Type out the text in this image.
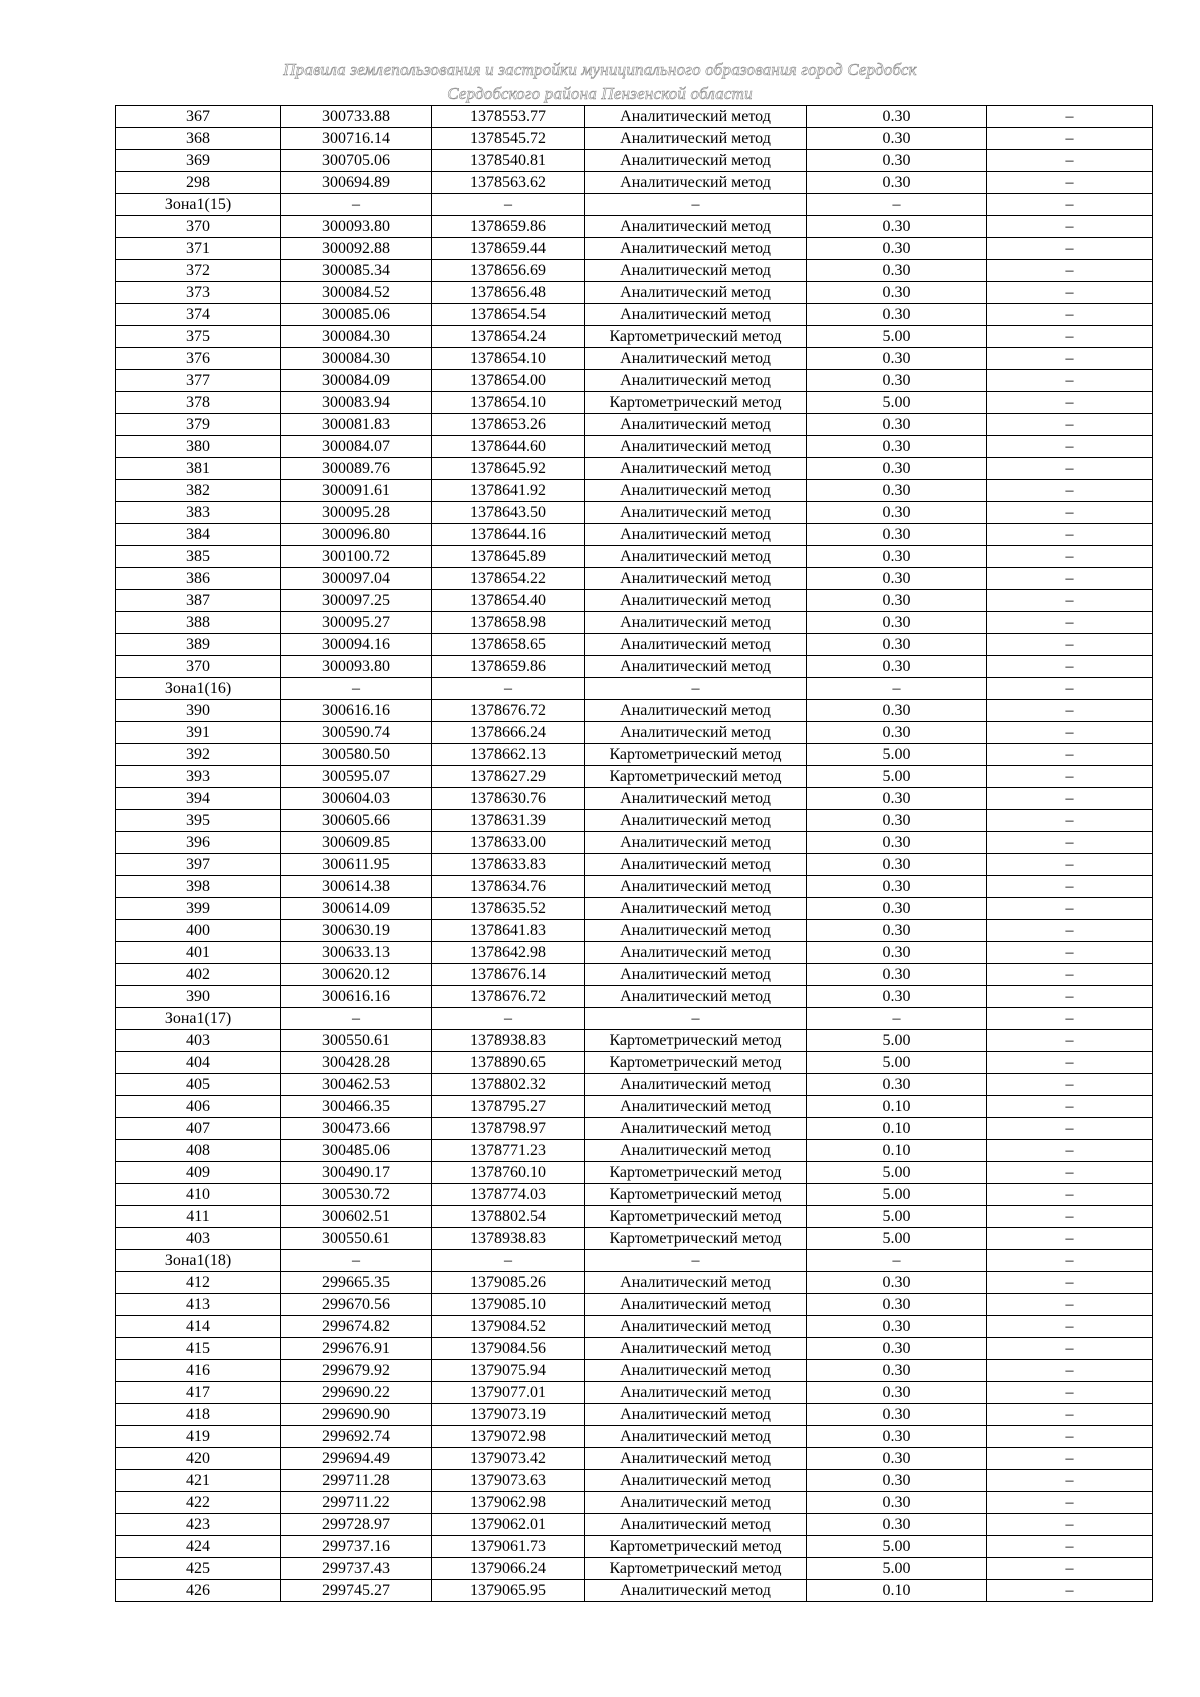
Правила землепользования и застройки муниципального образования город Сердобск
Сердобского района Пензенской области
367	300733.88	1378553.77	Аналитический метод	0.30	–
368	300716.14	1378545.72	Аналитический метод	0.30	–
369	300705.06	1378540.81	Аналитический метод	0.30	–
298	300694.89	1378563.62	Аналитический метод	0.30	–
Зона1(15)	–	–	–	–	–
370	300093.80	1378659.86	Аналитический метод	0.30	–
371	300092.88	1378659.44	Аналитический метод	0.30	–
372	300085.34	1378656.69	Аналитический метод	0.30	–
373	300084.52	1378656.48	Аналитический метод	0.30	–
374	300085.06	1378654.54	Аналитический метод	0.30	–
375	300084.30	1378654.24	Картометрический метод	5.00	–
376	300084.30	1378654.10	Аналитический метод	0.30	–
377	300084.09	1378654.00	Аналитический метод	0.30	–
378	300083.94	1378654.10	Картометрический метод	5.00	–
379	300081.83	1378653.26	Аналитический метод	0.30	–
380	300084.07	1378644.60	Аналитический метод	0.30	–
381	300089.76	1378645.92	Аналитический метод	0.30	–
382	300091.61	1378641.92	Аналитический метод	0.30	–
383	300095.28	1378643.50	Аналитический метод	0.30	–
384	300096.80	1378644.16	Аналитический метод	0.30	–
385	300100.72	1378645.89	Аналитический метод	0.30	–
386	300097.04	1378654.22	Аналитический метод	0.30	–
387	300097.25	1378654.40	Аналитический метод	0.30	–
388	300095.27	1378658.98	Аналитический метод	0.30	–
389	300094.16	1378658.65	Аналитический метод	0.30	–
370	300093.80	1378659.86	Аналитический метод	0.30	–
Зона1(16)	–	–	–	–	–
390	300616.16	1378676.72	Аналитический метод	0.30	–
391	300590.74	1378666.24	Аналитический метод	0.30	–
392	300580.50	1378662.13	Картометрический метод	5.00	–
393	300595.07	1378627.29	Картометрический метод	5.00	–
394	300604.03	1378630.76	Аналитический метод	0.30	–
395	300605.66	1378631.39	Аналитический метод	0.30	–
396	300609.85	1378633.00	Аналитический метод	0.30	–
397	300611.95	1378633.83	Аналитический метод	0.30	–
398	300614.38	1378634.76	Аналитический метод	0.30	–
399	300614.09	1378635.52	Аналитический метод	0.30	–
400	300630.19	1378641.83	Аналитический метод	0.30	–
401	300633.13	1378642.98	Аналитический метод	0.30	–
402	300620.12	1378676.14	Аналитический метод	0.30	–
390	300616.16	1378676.72	Аналитический метод	0.30	–
Зона1(17)	–	–	–	–	–
403	300550.61	1378938.83	Картометрический метод	5.00	–
404	300428.28	1378890.65	Картометрический метод	5.00	–
405	300462.53	1378802.32	Аналитический метод	0.30	–
406	300466.35	1378795.27	Аналитический метод	0.10	–
407	300473.66	1378798.97	Аналитический метод	0.10	–
408	300485.06	1378771.23	Аналитический метод	0.10	–
409	300490.17	1378760.10	Картометрический метод	5.00	–
410	300530.72	1378774.03	Картометрический метод	5.00	–
411	300602.51	1378802.54	Картометрический метод	5.00	–
403	300550.61	1378938.83	Картометрический метод	5.00	–
Зона1(18)	–	–	–	–	–
412	299665.35	1379085.26	Аналитический метод	0.30	–
413	299670.56	1379085.10	Аналитический метод	0.30	–
414	299674.82	1379084.52	Аналитический метод	0.30	–
415	299676.91	1379084.56	Аналитический метод	0.30	–
416	299679.92	1379075.94	Аналитический метод	0.30	–
417	299690.22	1379077.01	Аналитический метод	0.30	–
418	299690.90	1379073.19	Аналитический метод	0.30	–
419	299692.74	1379072.98	Аналитический метод	0.30	–
420	299694.49	1379073.42	Аналитический метод	0.30	–
421	299711.28	1379073.63	Аналитический метод	0.30	–
422	299711.22	1379062.98	Аналитический метод	0.30	–
423	299728.97	1379062.01	Аналитический метод	0.30	–
424	299737.16	1379061.73	Картометрический метод	5.00	–
425	299737.43	1379066.24	Картометрический метод	5.00	–
426	299745.27	1379065.95	Аналитический метод	0.10	–
